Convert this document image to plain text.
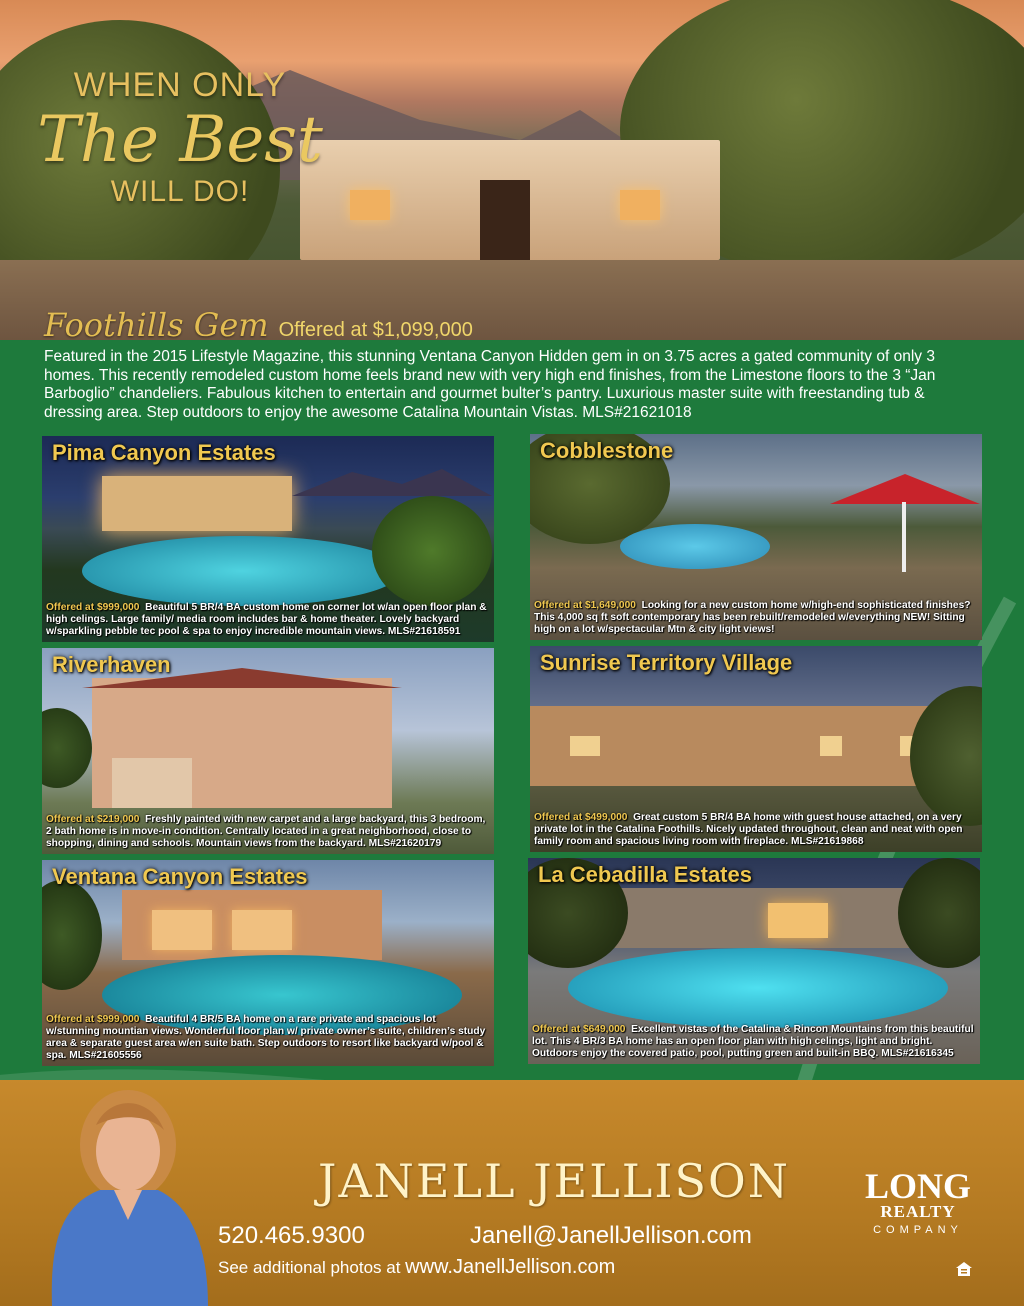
WHEN ONLY
The Best
WILL DO!
Foothills Gem Offered at $1,099,000
Featured in the 2015 Lifestyle Magazine, this stunning Ventana Canyon Hidden gem in on 3.75 acres a gated community of only 3 homes. This recently remodeled custom home feels brand new with very high end finishes, from the Limestone floors to the 3 “Jan Barboglio” chandeliers. Fabulous kitchen to entertain and gourmet bulter’s pantry. Luxurious master suite with freestanding tub & dressing area. Step outdoors to enjoy the awesome Catalina Mountain Vistas. MLS#21621018
Pima Canyon Estates
Offered at $999,000 Beautiful 5 BR/4 BA custom home on corner lot w/an open floor plan & high celings. Large family/ media room includes bar & home theater. Lovely backyard w/sparkling pebble tec pool & spa to enjoy incredible mountain views. MLS#21618591
Cobblestone
Offered at $1,649,000 Looking for a new custom home w/high-end sophisticated finishes? This 4,000 sq ft soft contemporary has been rebuilt/remodeled w/everything NEW! Sitting high on a lot w/spectacular Mtn & city light views!
Riverhaven
Offered at $219,000 Freshly painted with new carpet and a large backyard, this 3 bedroom, 2 bath home is in move-in condition. Centrally located in a great neighborhood, close to shopping, dining and schools. Mountain views from the backyard. MLS#21620179
Sunrise Territory Village
Offered at $499,000 Great custom 5 BR/4 BA home with guest house attached, on a very private lot in the Catalina Foothills. Nicely updated throughout, clean and neat with open family room and spacious living room with fireplace. MLS#21619868
Ventana Canyon Estates
Offered at $999,000 Beautiful 4 BR/5 BA home on a rare private and spacious lot w/stunning mountian views. Wonderful floor plan w/ private owner’s suite, children’s study area & separate guest area w/en suite bath. Step outdoors to resort like backyard w/pool & spa. MLS#21605556
La Cebadilla Estates
Offered at $649,000 Excellent vistas of the Catalina & Rincon Mountains from this beautiful lot. This 4 BR/3 BA home has an open floor plan with high celings, light and bright. Outdoors enjoy the covered patio, pool, putting green and built-in BBQ. MLS#21616345
JANELL JELLISON
520.465.9300	Janell@JanellJellison.com
See additional photos at www.JanellJellison.com
LONG
REALTY
COMPANY
